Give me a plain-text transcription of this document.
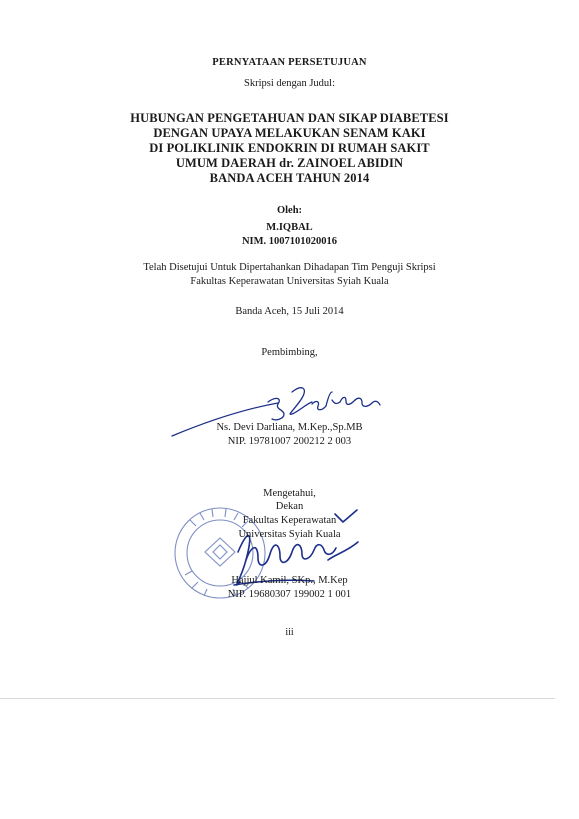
PERNYATAAN PERSETUJUAN
Skripsi dengan Judul:
HUBUNGAN PENGETAHUAN DAN SIKAP DIABETESI
DENGAN UPAYA MELAKUKAN SENAM KAKI
DI POLIKLINIK ENDOKRIN DI RUMAH SAKIT
UMUM DAERAH dr. ZAINOEL ABIDIN
BANDA ACEH TAHUN 2014
Oleh:
M.IQBAL
NIM. 1007101020016
Telah Disetujui Untuk Dipertahankan Dihadapan Tim Penguji Skripsi
Fakultas Keperawatan Universitas Syiah Kuala
Banda Aceh, 15 Juli 2014
Pembimbing,
Ns. Devi Darliana, M.Kep.,Sp.MB
NIP. 19781007 200212 2 003
Mengetahui,
Dekan
Fakultas Keperawatan
Universitas Syiah Kuala
Hajjul Kamil, SKp., M.Kep
NIP. 19680307 199002 1 001
iii
